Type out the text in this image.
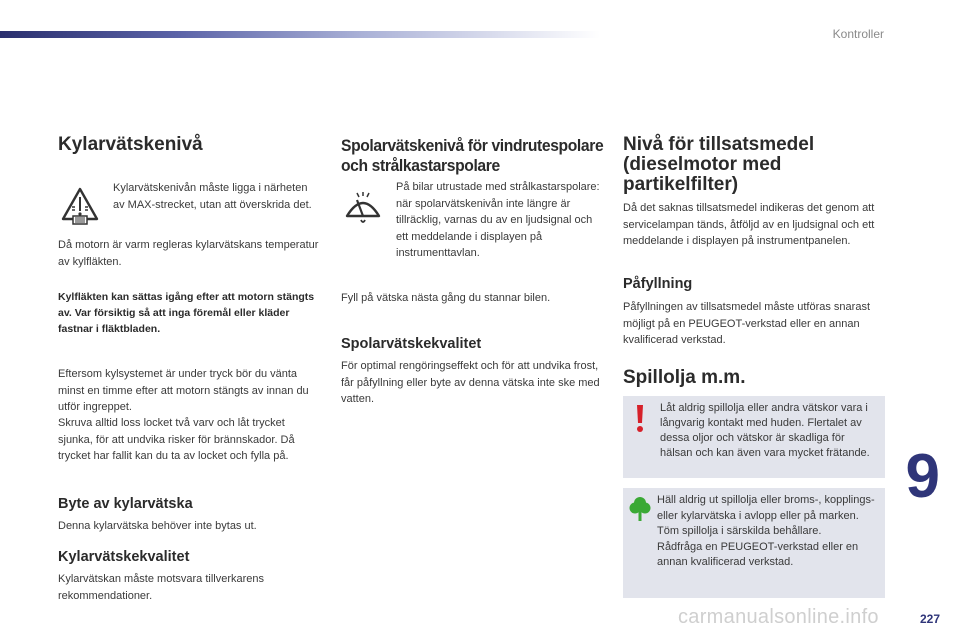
Kontroller
Kylarvätskenivå

Kylarvätskenivån måste ligga i närheten av MAX-strecket, utan att överskrida det.

Då motorn är varm regleras kylarvätskans temperatur av kylfläkten.

Kylfläkten kan sättas igång efter att motorn stängts av. Var försiktig så att inga föremål eller kläder fastnar i fläktbladen.

Eftersom kylsystemet är under tryck bör du vänta minst en timme efter att motorn stängts av innan du utför ingreppet.

Skruva alltid loss locket två varv och låt trycket sjunka, för att undvika risker för brännskador. Då trycket har fallit kan du ta av locket och fylla på.

Byte av kylarvätska

Denna kylarvätska behöver inte bytas ut.

Kylarvätskekvalitet

Kylarvätskan måste motsvara tillverkarens rekommendationer.

Spolarvätskenivå för vindrutespolare
och strålkastarspolare

På bilar utrustade med strålkastarspolare: när spolarvätskenivån inte längre är tillräcklig, varnas du av en ljudsignal och ett meddelande i displayen på instrumenttavlan.

Fyll på vätska nästa gång du stannar bilen.

Spolarvätskekvalitet

För optimal rengöringseffekt och för att undvika frost, får påfyllning eller byte av denna vätska inte ske med vatten.

Nivå för tillsatsmedel
(dieselmotor med
partikelfilter)

Då det saknas tillsatsmedel indikeras det genom att servicelampan tänds, åtföljd av en ljudsignal och ett meddelande i displayen på instrumentpanelen.

Påfyllning

Påfyllningen av tillsatsmedel måste utföras snarast möjligt på en PEUGEOT-verkstad eller en annan kvalificerad verkstad.

Spillolja m.m.

Låt aldrig spillolja eller andra vätskor vara i långvarig kontakt med huden. Flertalet av dessa oljor och vätskor är skadliga för hälsan och kan även vara mycket frätande.

Häll aldrig ut spillolja eller broms-, kopplings- eller kylarvätska i avlopp eller på marken.

Töm spillolja i särskilda behållare.

Rådfråga en PEUGEOT-verkstad eller en annan kvalificerad verkstad.

9
227
carmanualsonline.info
